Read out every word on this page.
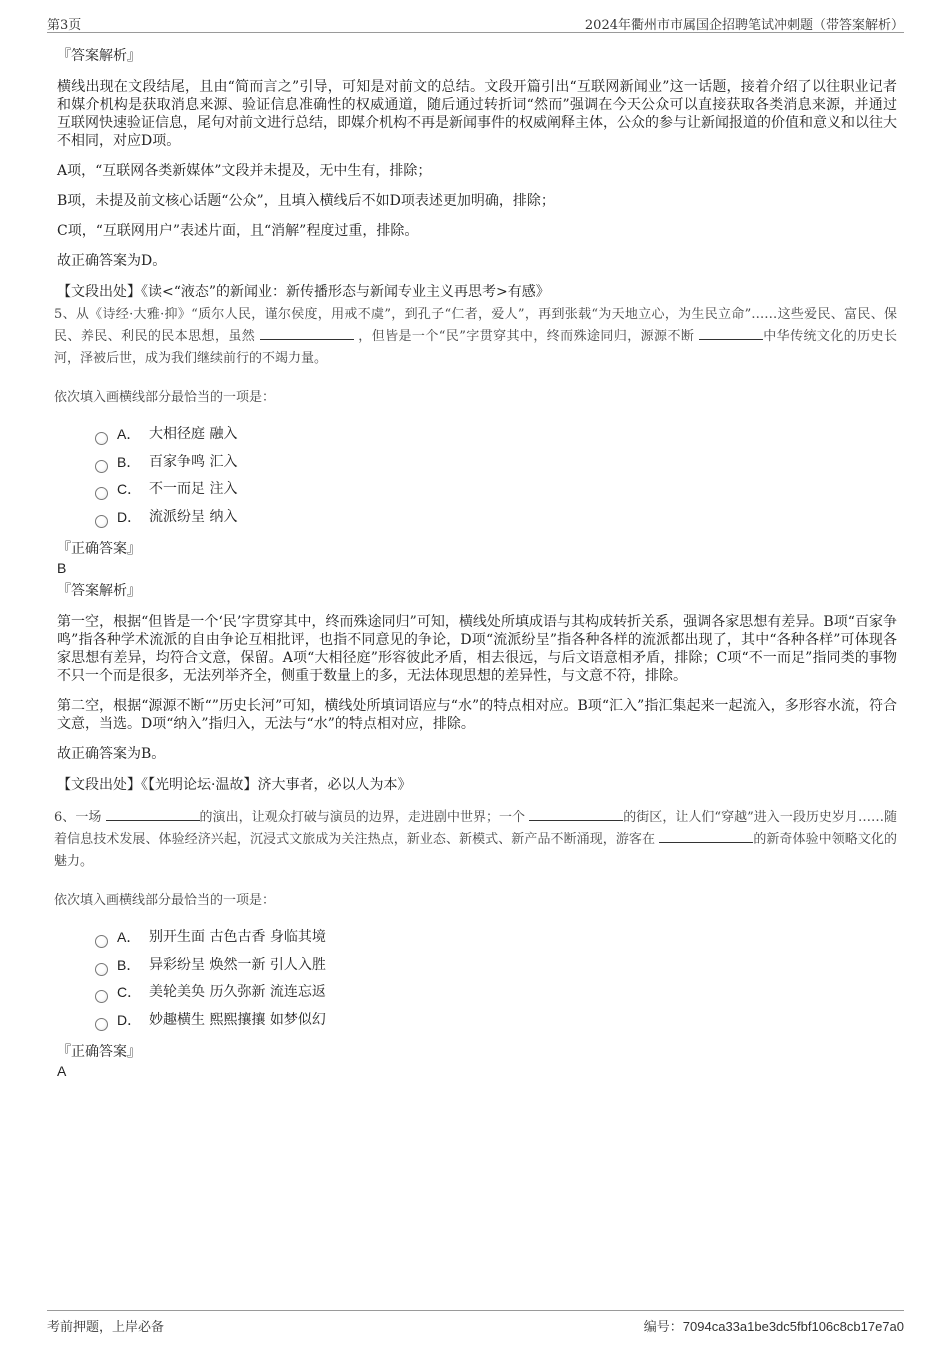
第3页	2024年衢州市市属国企招聘笔试冲刺题（带答案解析）
『答案解析』
横线出现在文段结尾，且由“简而言之”引导，可知是对前文的总结。文段开篇引出“互联网新闻业”这一话题，接着介绍了以往职业记者和媒介机构是获取消息来源、验证信息准确性的权威通道，随后通过转折词“然而”强调在今天公众可以直接获取各类消息来源，并通过互联网快速验证信息，尾句对前文进行总结，即媒介机构不再是新闻事件的权威阐释主体，公众的参与让新闻报道的价值和意义和以往大不相同，对应D项。
A项，“互联网各类新媒体”文段并未提及，无中生有，排除；
B项，未提及前文核心话题“公众”，且填入横线后不如D项表述更加明确，排除；
C项，“互联网用户”表述片面，且“消解”程度过重，排除。
故正确答案为D。
【文段出处】《读<“液态”的新闻业：新传播形态与新闻专业主义再思考>有感》
5、从《诗经·大雅·抑》“质尔人民，谨尔侯度，用戒不虞”，到孔子“仁者，爱人”，再到张载“为天地立心，为生民立命”……这些爱民、富民、保民、养民、利民的民本思想，虽然	，但皆是一个“民”字贯穿其中，终而殊途同归，源源不断	中华传统文化的历史长河，泽被后世，成为我们继续前行的不竭力量。
依次填入画横线部分最恰当的一项是：
A． 大相径庭 融入
B． 百家争鸣 汇入
C． 不一而足 注入
D． 流派纷呈 纳入
『正确答案』
B
『答案解析』
第一空，根据“但皆是一个‘民’字贯穿其中，终而殊途同归”可知，横线处所填成语与其构成转折关系，强调各家思想有差异。B项“百家争鸣”指各种学术流派的自由争论互相批评，也指不同意见的争论，D项“流派纷呈”指各种各样的流派都出现了，其中“各种各样”可体现各家思想有差异，均符合文意，保留。A项“大相径庭”形容彼此矛盾，相去很远，与后文语意相矛盾，排除；C项“不一而足”指同类的事物不只一个而是很多，无法列举齐全，侧重于数量上的多，无法体现思想的差异性，与文意不符，排除。
第二空，根据“源源不断“”历史长河”可知，横线处所填词语应与“水”的特点相对应。B项“汇入”指汇集起来一起流入，多形容水流，符合文意，当选。D项“纳入”指归入，无法与“水”的特点相对应，排除。
故正确答案为B。
【文段出处】《【光明论坛·温故】济大事者，必以人为本》
6、一场	的演出，让观众打破与演员的边界，走进剧中世界；一个	的街区，让人们“穿越”进入一段历史岁月……随着信息技术发展、体验经济兴起，沉浸式文旅成为关注热点，新业态、新模式、新产品不断涌现，游客在	的新奇体验中领略文化的魅力。
依次填入画横线部分最恰当的一项是：
A． 别开生面 古色古香 身临其境
B． 异彩纷呈 焕然一新 引人入胜
C． 美轮美奂 历久弥新 流连忘返
D． 妙趣横生 熙熙攘攘 如梦似幻
『正确答案』
A
考前押题，上岸必备	编号：7094ca33a1be3dc5fbf106c8cb17e7a0
